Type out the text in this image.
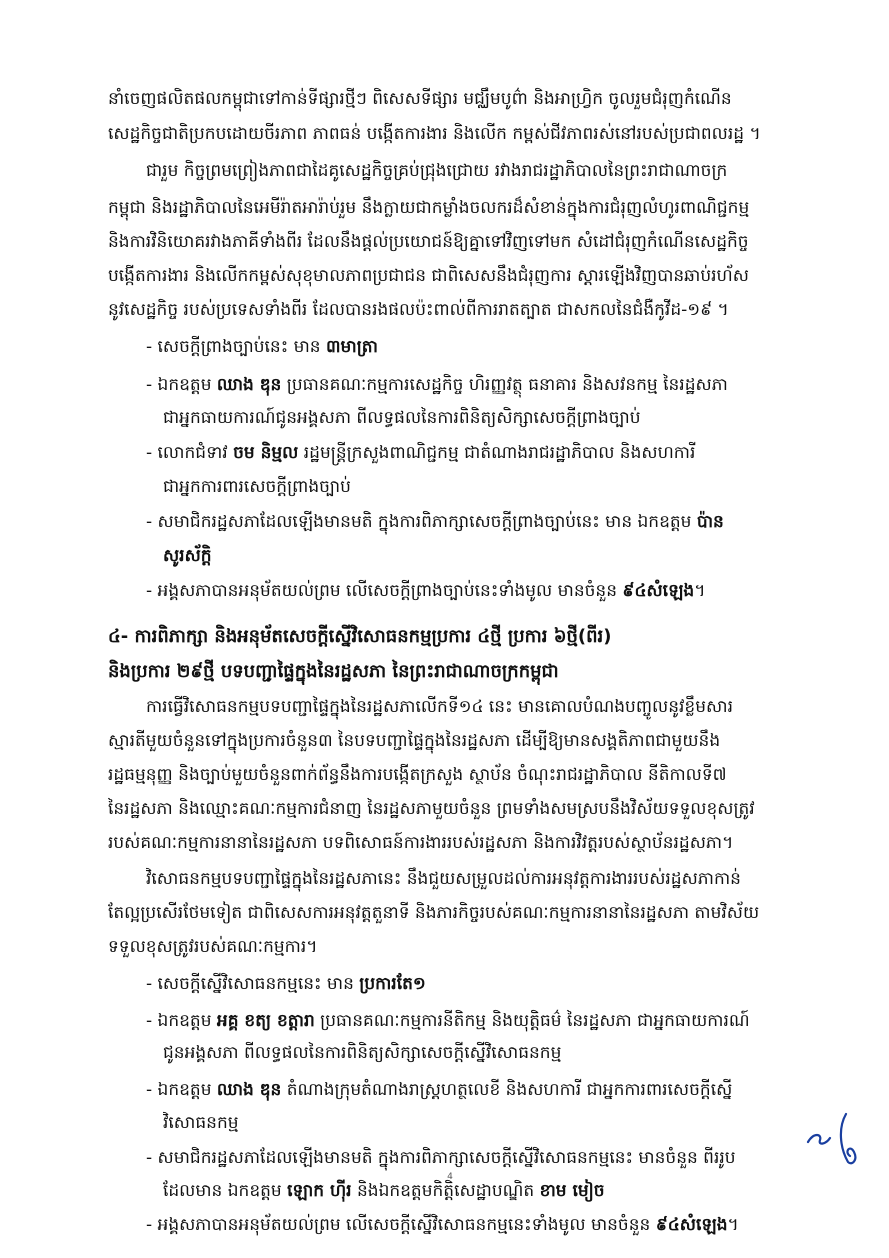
នាំចេញផលិតផលកម្ពុជាទៅកាន់ទីផ្សារថ្មីៗ ពិសេសទីផ្សារ មជ្ឈឹមបូព៌ា និងអាហ្វ្រិក ចូលរួមជំរុញកំណើន
សេដ្ឋកិច្ចជាតិប្រកបដោយចីរភាព ភាពធន់ បង្កើតការងារ និងលើក កម្ពស់ជីវភាពរស់នៅរបស់ប្រជាពលរដ្ឋ ។
ជារួម កិច្ចព្រមព្រៀងភាពជាដៃគូសេដ្ឋកិច្ចគ្រប់ជ្រុងជ្រោយ រវាងរាជរដ្ឋាភិបាលនៃព្រះរាជាណាចក្រ
កម្ពុជា និងរដ្ឋាភិបាលនៃអេមីរ៉ាតអារ៉ាប់រួម នឹងក្លាយជាកម្លាំងចលករដ៏សំខាន់ក្នុងការជំរុញលំហូរពាណិជ្ជកម្ម
និងការវិនិយោគរវាងភាគីទាំងពីរ ដែលនឹងផ្តល់ប្រយោជន៍ឱ្យគ្នាទៅវិញទៅមក សំដៅជំរុញកំណើនសេដ្ឋកិច្ច
បង្កើតការងារ និងលើកកម្ពស់សុខុមាលភាពប្រជាជន ជាពិសេសនឹងជំរុញការ ស្តារឡើងវិញបានឆាប់រហ័ស
នូវសេដ្ឋកិច្ច របស់ប្រទេសទាំងពីរ ដែលបានរងផលប៉ះពាល់ពីការរាតត្បាត ជាសកលនៃជំងឺកូវីដ-១៩ ។
- សេចក្តីព្រាងច្បាប់នេះ មាន ៣មាត្រា
- ឯកឧត្តម ឈាង ឌុន ប្រធានគណៈកម្មការសេដ្ឋកិច្ច ហិរញ្ញវត្ថុ ធនាគារ និងសវនកម្ម នៃរដ្ឋសភា
ជាអ្នកធាយការណ៍ជូនអង្គសភា ពីលទ្ធផលនៃការពិនិត្យសិក្សាសេចក្តីព្រាងច្បាប់
- លោកជំទាវ ចម និម្មល រដ្ឋមន្ត្រីក្រសួងពាណិជ្ជកម្ម ជាតំណាងរាជរដ្ឋាភិបាល និងសហការី
ជាអ្នកការពារសេចក្តីព្រាងច្បាប់
- សមាជិករដ្ឋសភាដែលឡើងមានមតិ ក្នុងការពិភាក្សាសេចក្តីព្រាងច្បាប់នេះ មាន ឯកឧត្តម ប៉ាន
សូរស័ក្តិ
- អង្គសភាបានអនុម័តយល់ព្រម លើសេចក្តីព្រាងច្បាប់នេះទាំងមូល មានចំនួន ៩៤សំឡេង។
៤- ការពិភាក្សា និងអនុម័តសេចក្តីស្នើវិសោធនកម្មប្រការ ៤ថ្មី ប្រការ ៦ថ្មី(ពីរ)
និងប្រការ ២៩ថ្មី បទបញ្ជាផ្ទៃក្នុងនៃរដ្ឋសភា នៃព្រះរាជាណាចក្រកម្ពុជា
ការធ្វើវិសោធនកម្មបទបញ្ជាផ្ទៃក្នុងនៃរដ្ឋសភាលើកទី១៤ នេះ មានគោលបំណងបញ្ចូលនូវខ្លឹមសារ
ស្មារតីមួយចំនួនទៅក្នុងប្រការចំនួន៣ នៃបទបញ្ជាផ្ទៃក្នុងនៃរដ្ឋសភា ដើម្បីឱ្យមានសង្គតិភាពជាមួយនឹង
រដ្ឋធម្មនុញ្ញ និងច្បាប់មួយចំនួនពាក់ព័ន្ធនឹងការបង្កើតក្រសួង ស្ថាប័ន ចំណុះរាជរដ្ឋាភិបាល នីតិកាលទី៧
នៃរដ្ឋសភា និងឈ្មោះគណៈកម្មការជំនាញ នៃរដ្ឋសភាមួយចំនួន ព្រមទាំងសមស្របនឹងវិស័យទទួលខុសត្រូវ
របស់គណៈកម្មការនានានៃរដ្ឋសភា បទពិសោធន៍ការងាររបស់រដ្ឋសភា និងការវិវត្តរបស់ស្ថាប័នរដ្ឋសភា។
វិសោធនកម្មបទបញ្ជាផ្ទៃក្នុងនៃរដ្ឋសភានេះ នឹងជួយសម្រួលដល់ការអនុវត្តការងាររបស់រដ្ឋសភាកាន់
តែល្អប្រសើរថែមទៀត ជាពិសេសការអនុវត្តតួនាទី និងភារកិច្ចរបស់គណៈកម្មការនានានៃរដ្ឋសភា តាមវិស័យ
ទទួលខុសត្រូវរបស់គណៈកម្មការ។
- សេចក្តីស្នើវិសោធនកម្មនេះ មាន ប្រការតែ១
- ឯកឧត្តម អគ្គ ខត្យ ខត្តារា ប្រធានគណៈកម្មការនីតិកម្ម និងយុត្តិធម៌ នៃរដ្ឋសភា ជាអ្នកធាយការណ៍
ជូនអង្គសភា ពីលទ្ធផលនៃការពិនិត្យសិក្សាសេចក្តីស្នើវិសោធនកម្ម
- ឯកឧត្តម ឈាង ឌុន តំណាងក្រុមតំណាងរាស្ត្រហត្ថលេខី និងសហការី ជាអ្នកការពារសេចក្តីស្នើ
វិសោធនកម្ម
- សមាជិករដ្ឋសភាដែលឡើងមានមតិ ក្នុងការពិភាក្សាសេចក្តីស្នើវិសោធនកម្មនេះ មានចំនួន ពីររូប
ដែលមាន ឯកឧត្តម ឡោក ហ៊ីរ និងឯកឧត្តមកិត្តិសេដ្ឋាបណ្ឌិត ខាម មៀច
- អង្គសភាបានអនុម័តយល់ព្រម លើសេចក្តីស្នើវិសោធនកម្មនេះទាំងមូល មានចំនួន ៩៤សំឡេង។
4
